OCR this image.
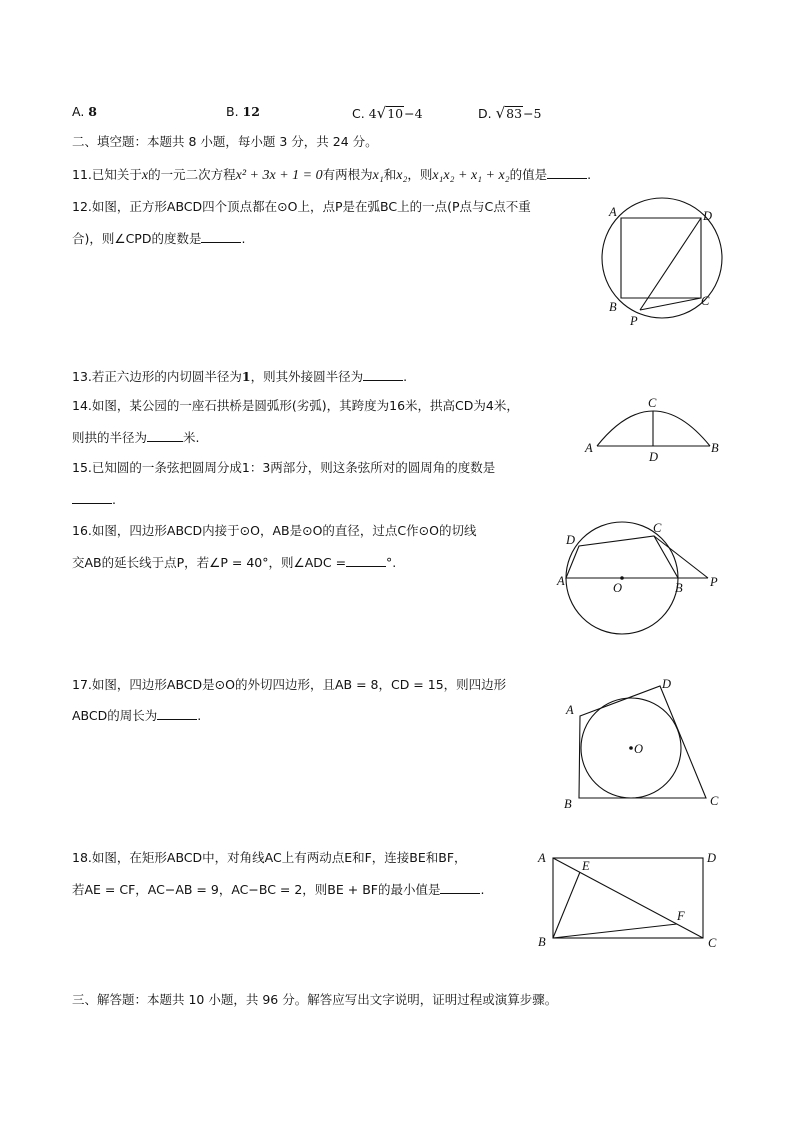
A. 8	B. 12	C. 4√10−4	D. √83−5
二、填空题：本题共 8 小题，每小题 3 分，共 24 分。
11.已知关于x的一元二次方程x² + 3x + 1 = 0有两根为x₁和x₂，则x₁x₂ + x₁ + x₂的值是	.
12.如图，正方形ABCD四个顶点都在⊙O上，点P是在弧BC上的一点(P点与C点不重
合)，则∠CPD的度数是	.
A	D
B	C
P
13.若正六边形的内切圆半径为1，则其外接圆半径为	.
14.如图，某公园的一座石拱桥是圆弧形(劣弧)，其跨度为16米，拱高CD为4米，
则拱的半径为	米.
C
A	B
D
15.已知圆的一条弦把圆周分成1：3两部分，则这条弦所对的圆周角的度数是
.
16.如图，四边形ABCD内接于⊙O，AB是⊙O的直径，过点C作⊙O的切线
交AB的延长线于点P，若∠P = 40°，则∠ADC =	°.
D
C
A	O	B P
17.如图，四边形ABCD是⊙O的外切四边形，且AB = 8，CD = 15，则四边形
ABCD的周长为	.
O
A
D
B	C
18.如图，在矩形ABCD中，对角线AC上有两动点E和F，连接BE和BF，
若AE = CF，AC−AB = 9，AC−BC = 2，则BE + BF的最小值是	.
A	D
E
F
B	C
三、解答题：本题共 10 小题，共 96 分。解答应写出文字说明，证明过程或演算步骤。
